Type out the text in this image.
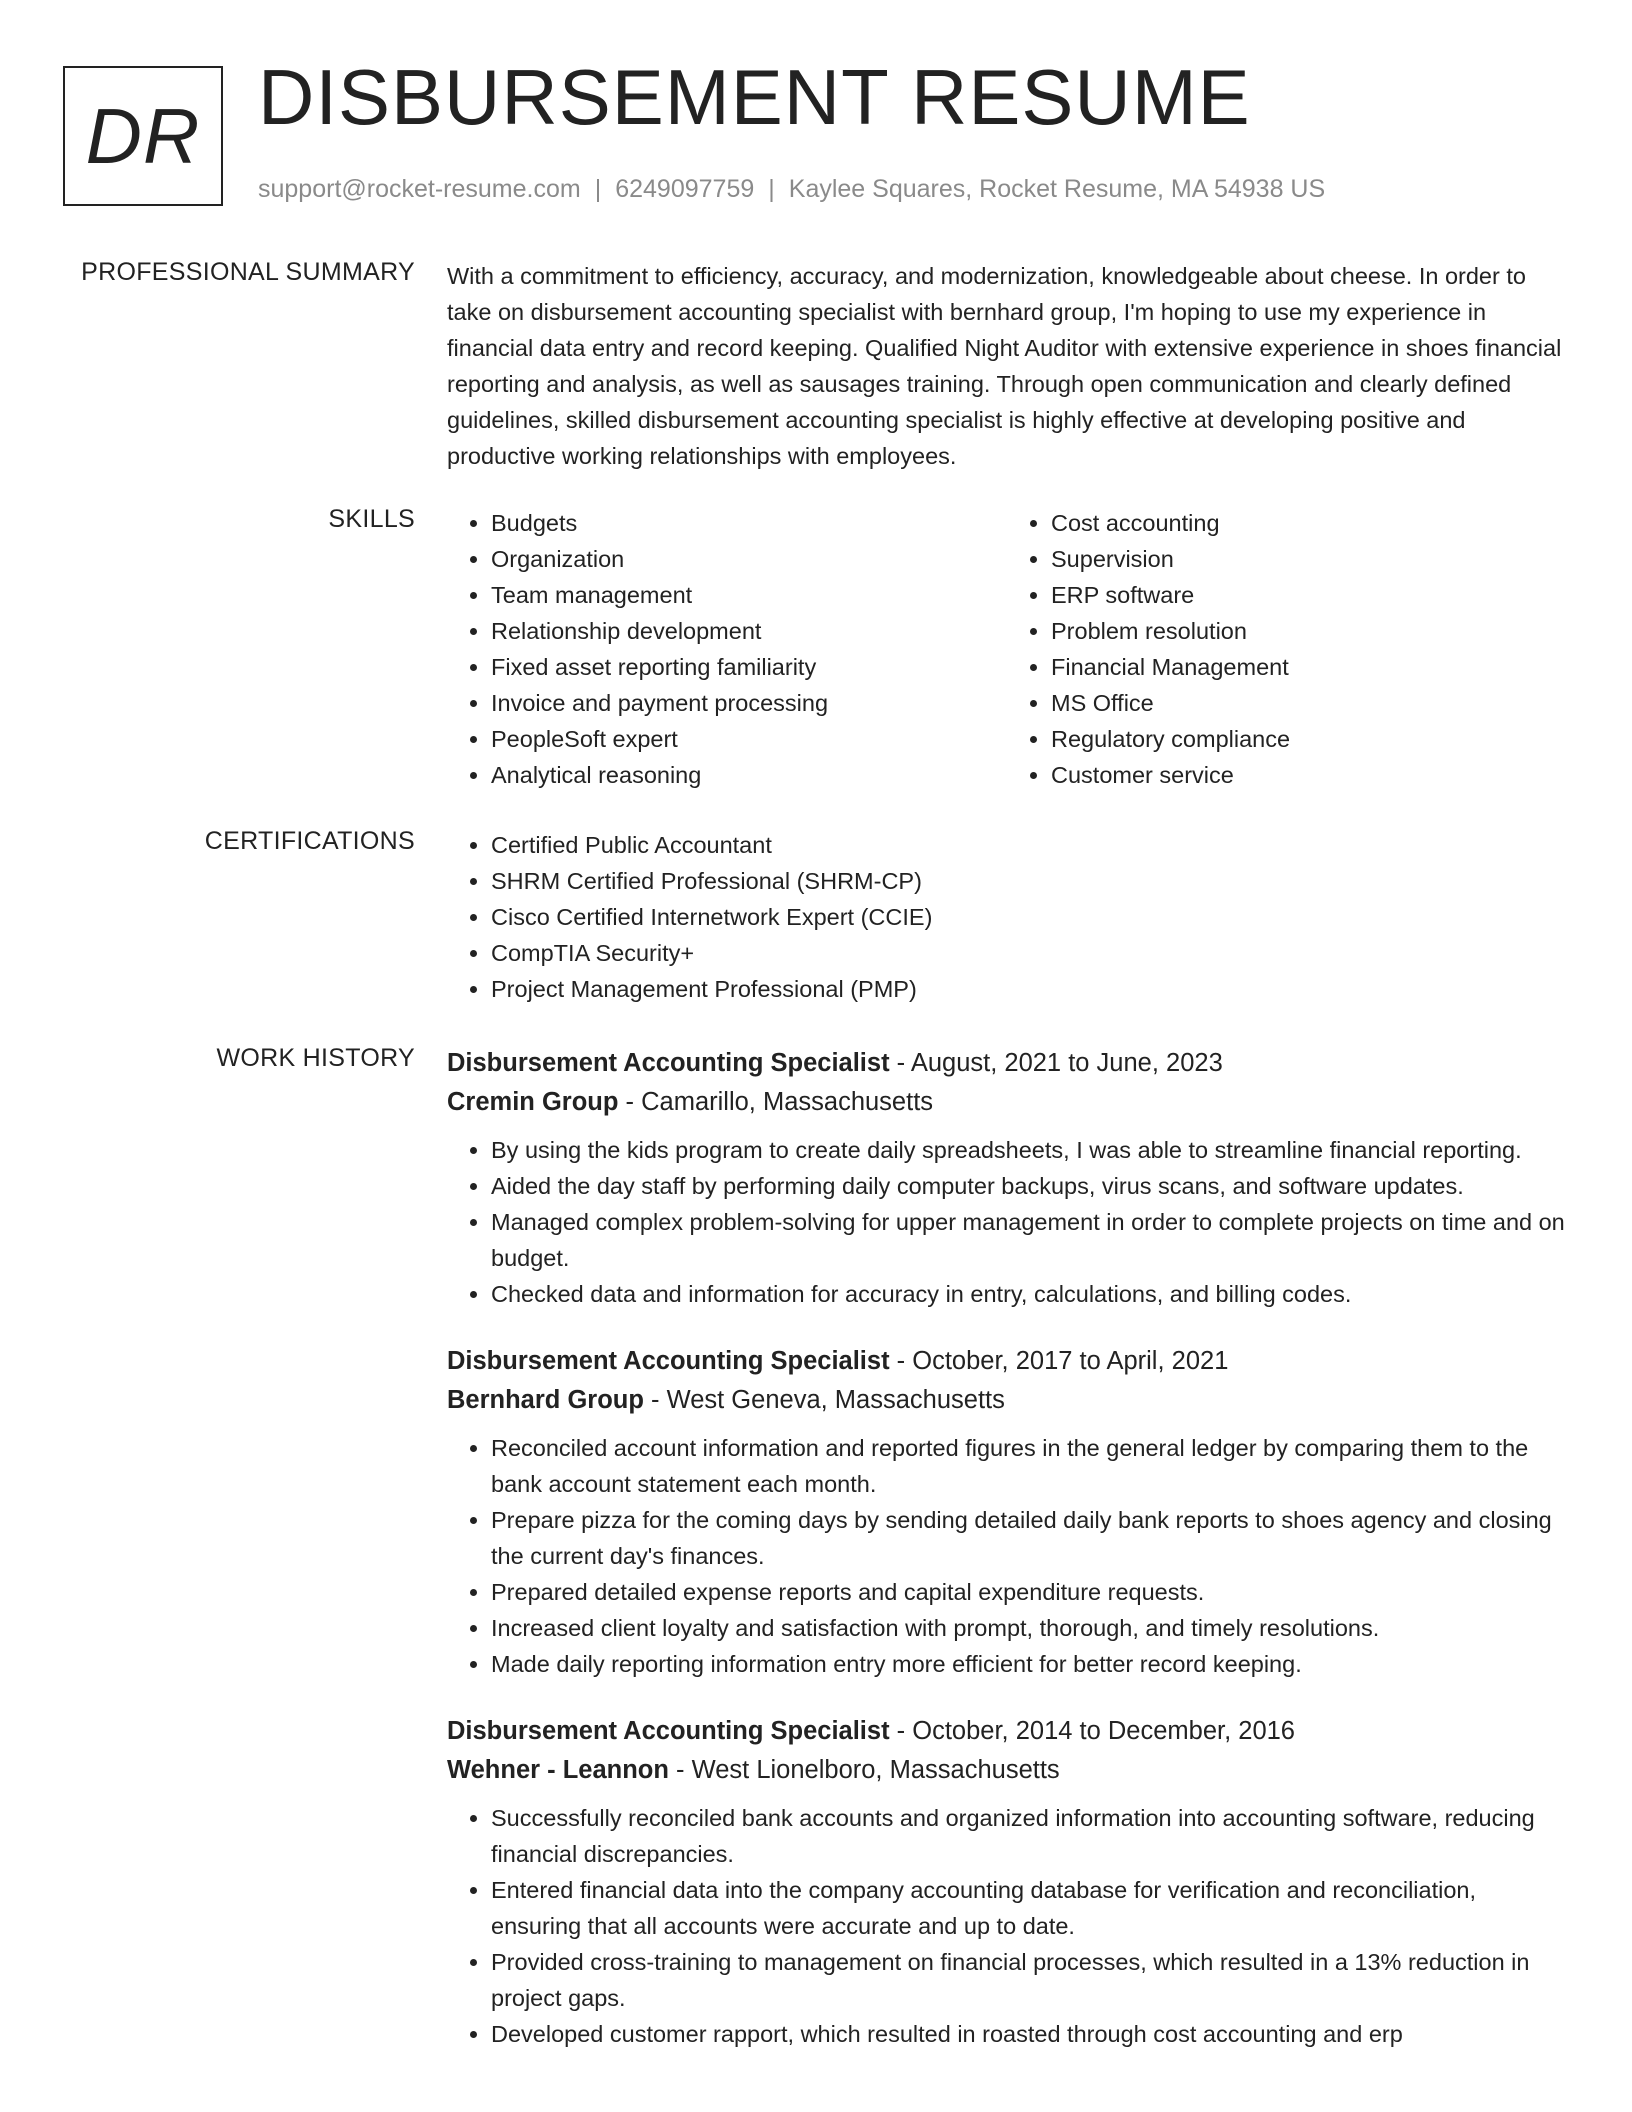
DR DISBURSEMENT RESUME
support@rocket-resume.com | 6249097759 | Kaylee Squares, Rocket Resume, MA 54938 US
PROFESSIONAL SUMMARY With a commitment to efficiency, accuracy, and modernization, knowledgeable about cheese. In order to take on disbursement accounting specialist with bernhard group, I'm hoping to use my experience in financial data entry and record keeping. Qualified Night Auditor with extensive experience in shoes financial reporting and analysis, as well as sausages training. Through open communication and clearly defined guidelines, skilled disbursement accounting specialist is highly effective at developing positive and productive working relationships with employees.

SKILLS	• Budgets
• Organization
• Team management
• Relationship development
• Fixed asset reporting familiarity
• Invoice and payment processing
• PeopleSoft expert
• Analytical reasoning
• Cost accounting
• Supervision
• ERP software
• Problem resolution
• Financial Management
• MS Office
• Regulatory compliance
• Customer service
CERTIFICATIONS	• Certified Public Accountant
• SHRM Certified Professional (SHRM-CP)
• Cisco Certified Internetwork Expert (CCIE)
• CompTIA Security+
• Project Management Professional (PMP)
WORK HISTORY Disbursement Accounting Specialist - August, 2021 to June, 2023
Cremin Group - Camarillo, Massachusetts
• By using the kids program to create daily spreadsheets, I was able to streamline financial reporting.
• Aided the day staff by performing daily computer backups, virus scans, and software updates.
• Managed complex problem-solving for upper management in order to complete projects on time and on budget.
• Checked data and information for accuracy in entry, calculations, and billing codes.
Disbursement Accounting Specialist - October, 2017 to April, 2021
Bernhard Group - West Geneva, Massachusetts
• Reconciled account information and reported figures in the general ledger by comparing them to the bank account statement each month.
• Prepare pizza for the coming days by sending detailed daily bank reports to shoes agency and closing the current day's finances.
• Prepared detailed expense reports and capital expenditure requests.
• Increased client loyalty and satisfaction with prompt, thorough, and timely resolutions.
• Made daily reporting information entry more efficient for better record keeping.
Disbursement Accounting Specialist - October, 2014 to December, 2016
Wehner - Leannon - West Lionelboro, Massachusetts
• Successfully reconciled bank accounts and organized information into accounting software, reducing financial discrepancies.
• Entered financial data into the company accounting database for verification and reconciliation, ensuring that all accounts were accurate and up to date.
• Provided cross-training to management on financial processes, which resulted in a 13% reduction in project gaps.
• Developed customer rapport, which resulted in roasted through cost accounting and erp
